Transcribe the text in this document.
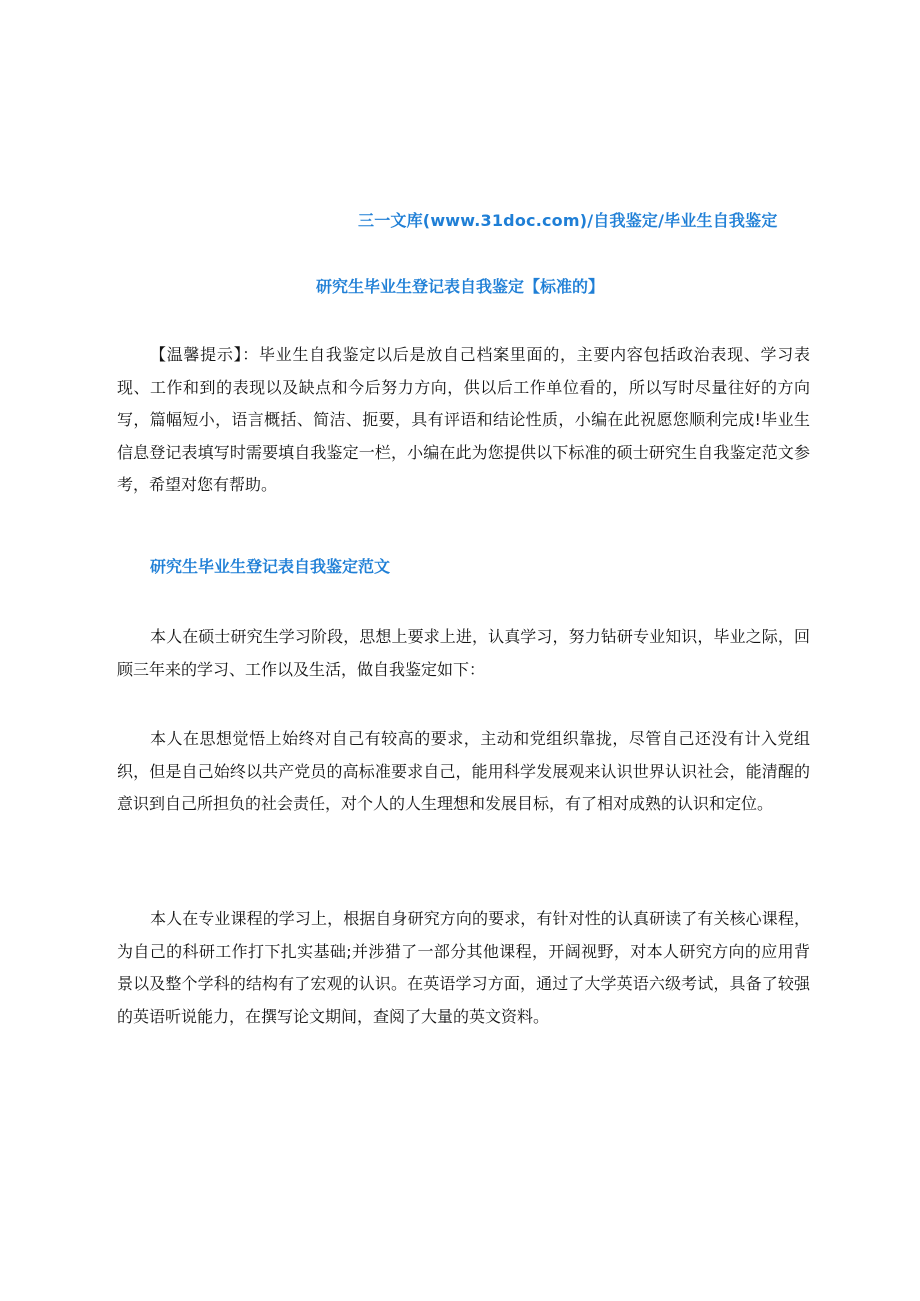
三一文库(www.31doc.com)/自我鉴定/毕业生自我鉴定
研究生毕业生登记表自我鉴定【标准的】

【温馨提示】：毕业生自我鉴定以后是放自己档案里面的，主要内容包括政治表现、学习表现、工作和到的表现以及缺点和今后努力方向，供以后工作单位看的，所以写时尽量往好的方向写，篇幅短小，语言概括、简洁、扼要，具有评语和结论性质，小编在此祝愿您顺利完成!毕业生信息登记表填写时需要填自我鉴定一栏，小编在此为您提供以下标准的硕士研究生自我鉴定范文参考，希望对您有帮助。

研究生毕业生登记表自我鉴定范文

本人在硕士研究生学习阶段，思想上要求上进，认真学习，努力钻研专业知识，毕业之际，回顾三年来的学习、工作以及生活，做自我鉴定如下：

本人在思想觉悟上始终对自己有较高的要求，主动和党组织靠拢，尽管自己还没有计入党组织，但是自己始终以共产党员的高标准要求自己，能用科学发展观来认识世界认识社会，能清醒的意识到自己所担负的社会责任，对个人的人生理想和发展目标，有了相对成熟的认识和定位。

本人在专业课程的学习上，根据自身研究方向的要求，有针对性的认真研读了有关核心课程，为自己的科研工作打下扎实基础;并涉猎了一部分其他课程，开阔视野，对本人研究方向的应用背景以及整个学科的结构有了宏观的认识。在英语学习方面，通过了大学英语六级考试，具备了较强的英语听说能力，在撰写论文期间，查阅了大量的英文资料。
